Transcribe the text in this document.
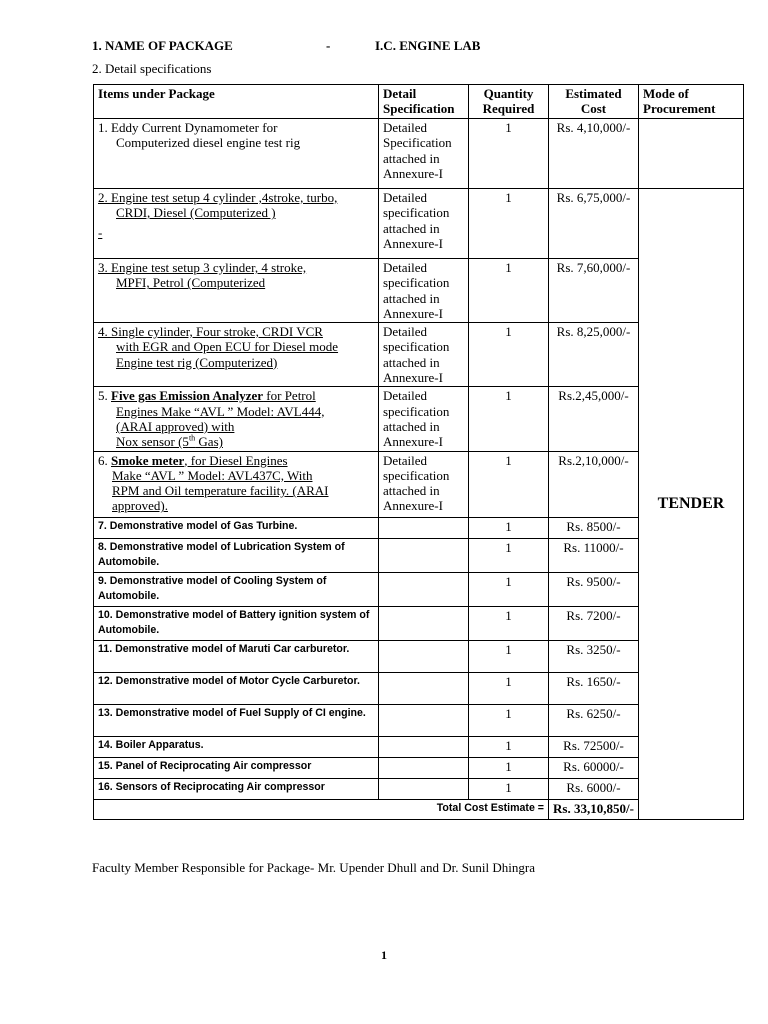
1. NAME OF PACKAGE	-	I.C. ENGINE LAB
2. Detail specifications
Items under Package	Detail Specification	Quantity Required	Estimated Cost	Mode of Procurement	

1. Eddy Current Dynamometer for
Computerized diesel engine test rig	Detailed Specification attached in Annexure-I	1	Rs. 4,10,000/-		

2. Engine test setup 4 cylinder ,4stroke, turbo,
CRDI, Diesel (Computerized )
-	Detailed specification attached in Annexure-I	1	Rs. 6,75,000/-	TENDER	

3. Engine test setup 3 cylinder, 4 stroke,
MPFI, Petrol (Computerized	Detailed specification attached in Annexure-I	1	Rs. 7,60,000/-		

4. Single cylinder, Four stroke, CRDI VCR
with EGR and Open ECU for Diesel mode
Engine test rig (Computerized)	Detailed specification attached in Annexure-I	1	Rs. 8,25,000/-		

5. Five gas Emission Analyzer for Petrol
Engines Make “AVL ” Model: AVL444,
(ARAI approved) with
Nox sensor (5th Gas)	Detailed specification attached in Annexure-I	1	Rs.2,45,000/-		

6. Smoke meter, for Diesel Engines
Make “AVL ” Model: AVL437C, With
RPM and Oil temperature facility. (ARAI
approved).	Detailed specification attached in Annexure-I	1	Rs.2,10,000/-		
7. Demonstrative model of Gas Turbine.		1	Rs. 8500/-		
8. Demonstrative model of Lubrication System of Automobile.		1	Rs. 11000/-		
9. Demonstrative model of Cooling System of Automobile.		1	Rs. 9500/-		
10. Demonstrative model of Battery ignition system of Automobile.		1	Rs. 7200/-		
11. Demonstrative model of Maruti Car carburetor.		1	Rs. 3250/-		
12. Demonstrative model of Motor Cycle Carburetor.		1	Rs. 1650/-		
13. Demonstrative model of Fuel Supply of CI engine.		1	Rs. 6250/-		
14. Boiler Apparatus.		1	Rs. 72500/-		
15. Panel of Reciprocating Air compressor		1	Rs. 60000/-		
16. Sensors of Reciprocating Air compressor		1	Rs. 6000/-		
Total Cost Estimate =			Rs. 33,10,850/-		
Faculty Member Responsible for Package- Mr. Upender Dhull and Dr. Sunil Dhingra
1
